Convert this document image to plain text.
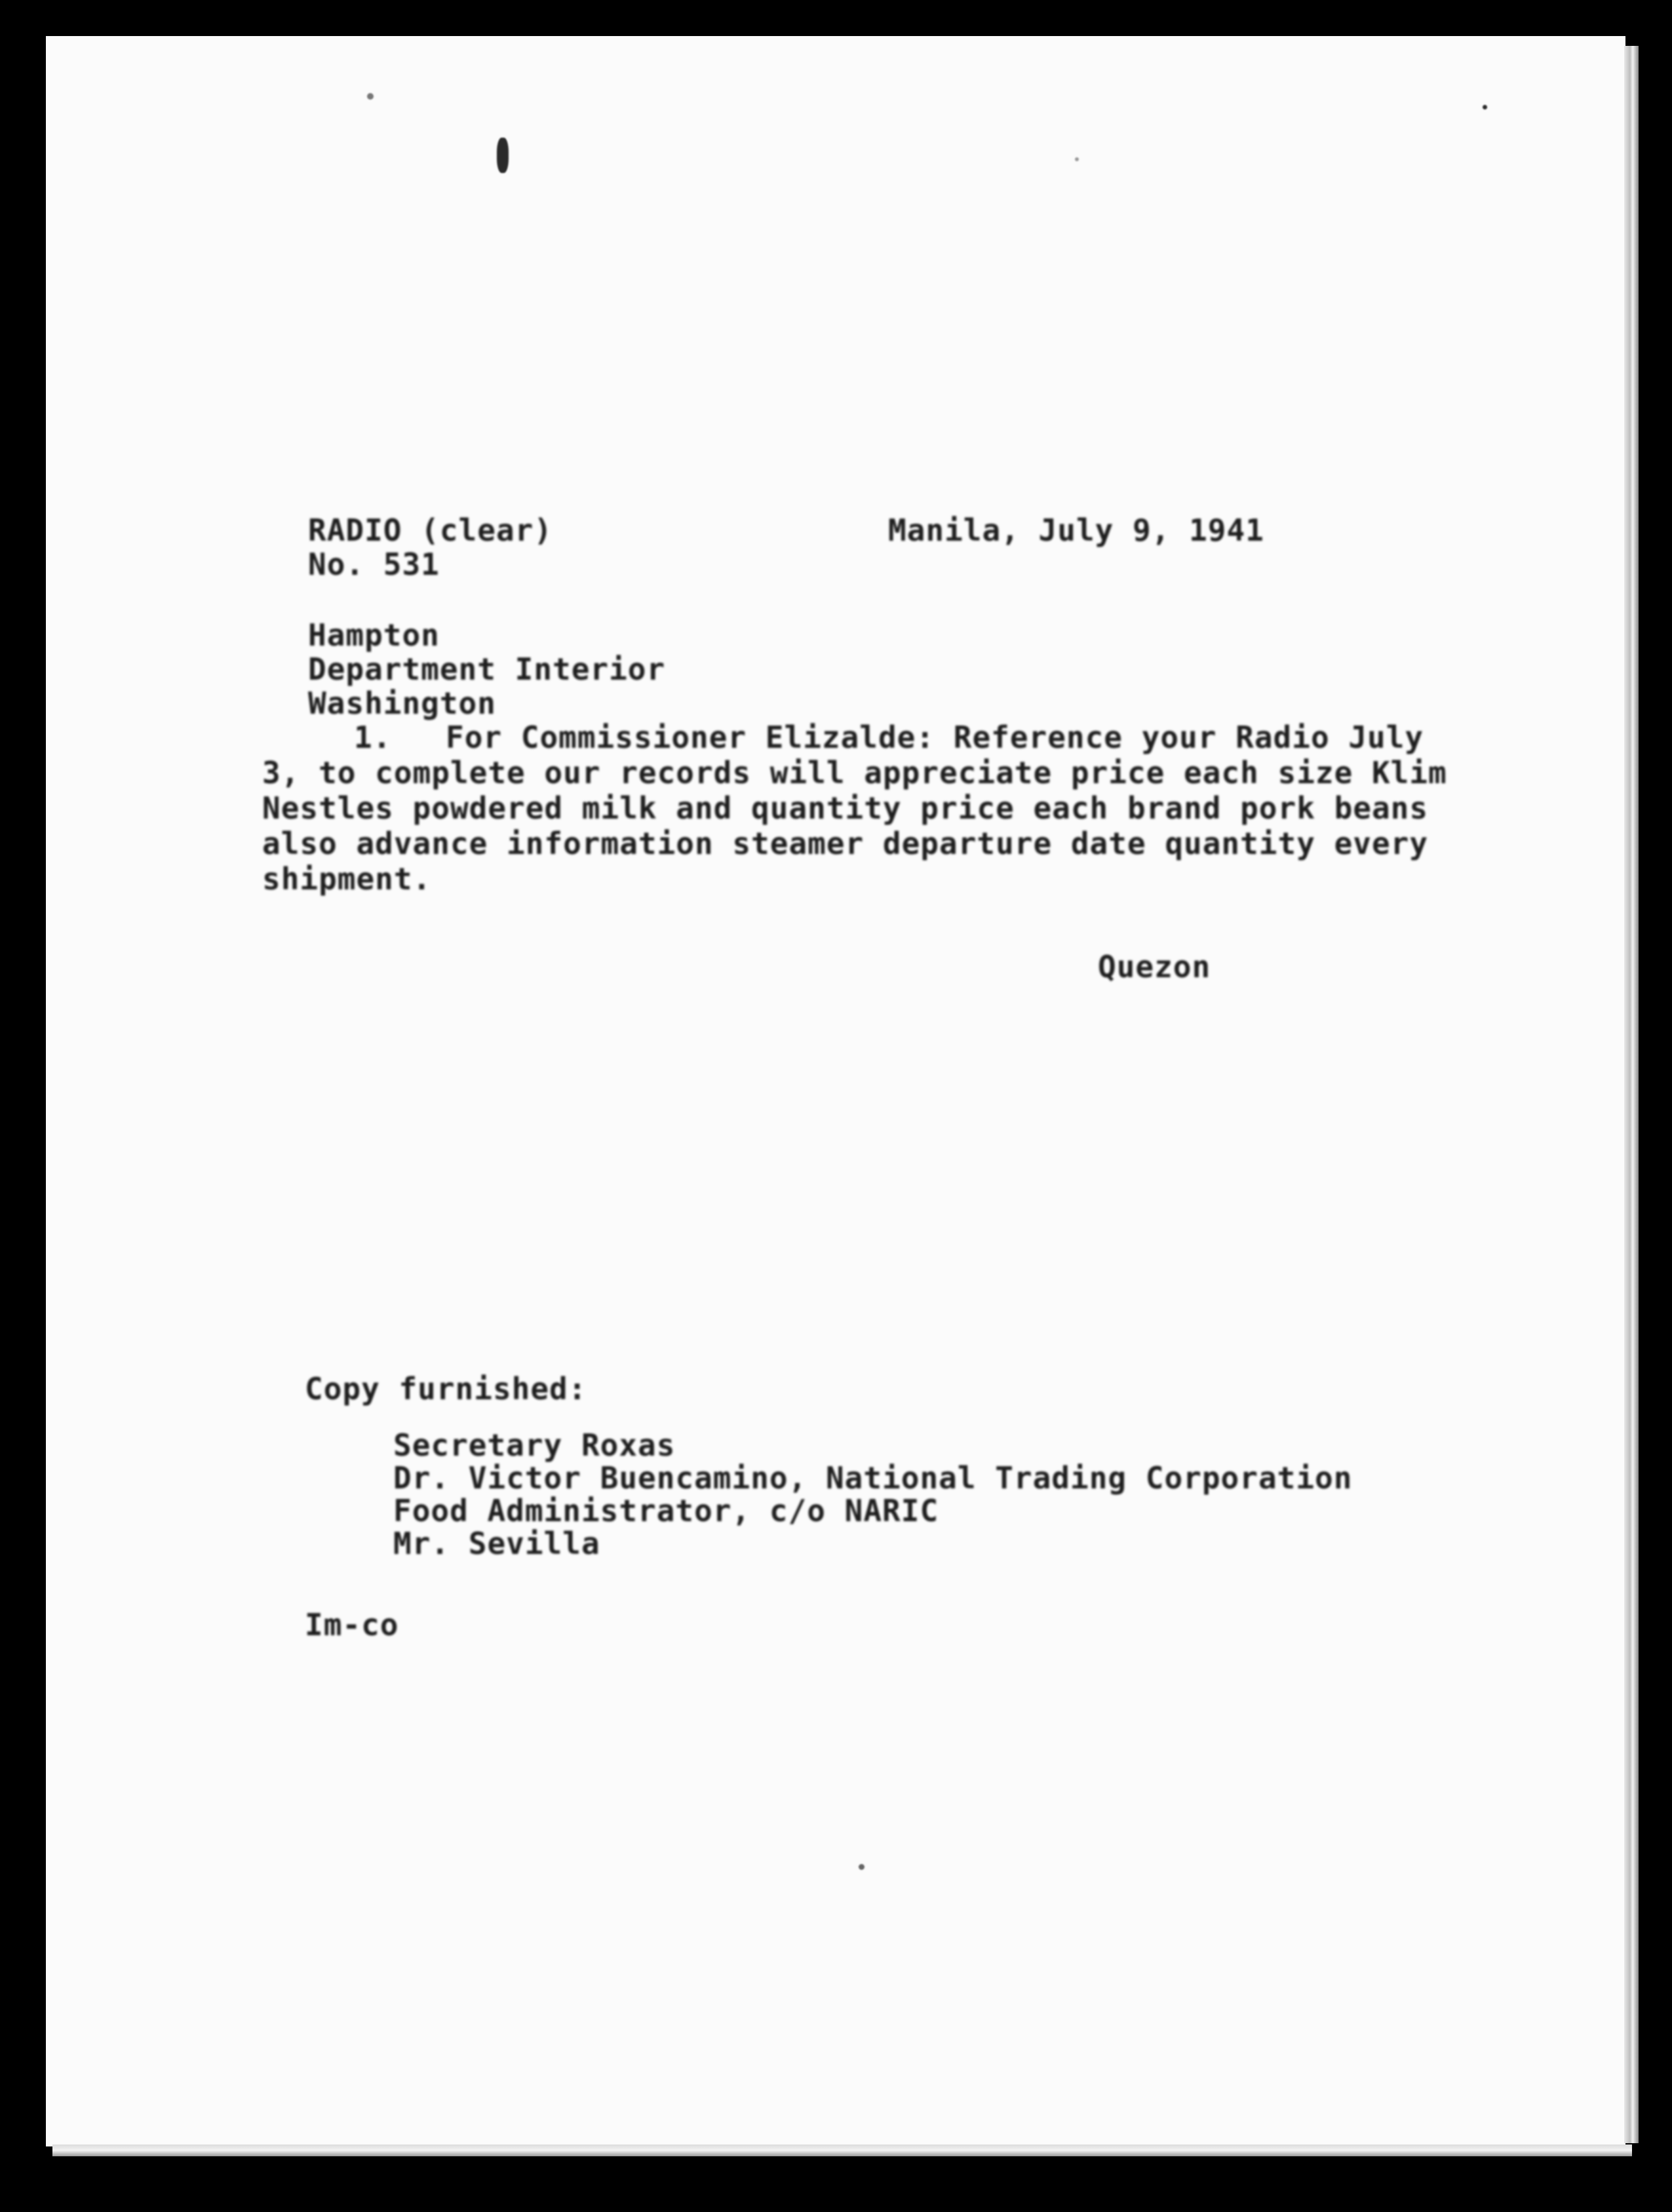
RADIO (clear)
No. 531
Manila, July 9, 1941
Hampton
Department Interior
Washington
1. For Commissioner Elizalde: Reference your Radio July 3, to complete our records will appreciate price each size Klim Nestles powdered milk and quantity price each brand pork beans also advance information steamer departure date quantity every shipment.
Quezon
Copy furnished:
Secretary Roxas
Dr. Victor Buencamino, National Trading Corporation
Food Administrator, c/o NARIC
Mr. Sevilla
Im-co
